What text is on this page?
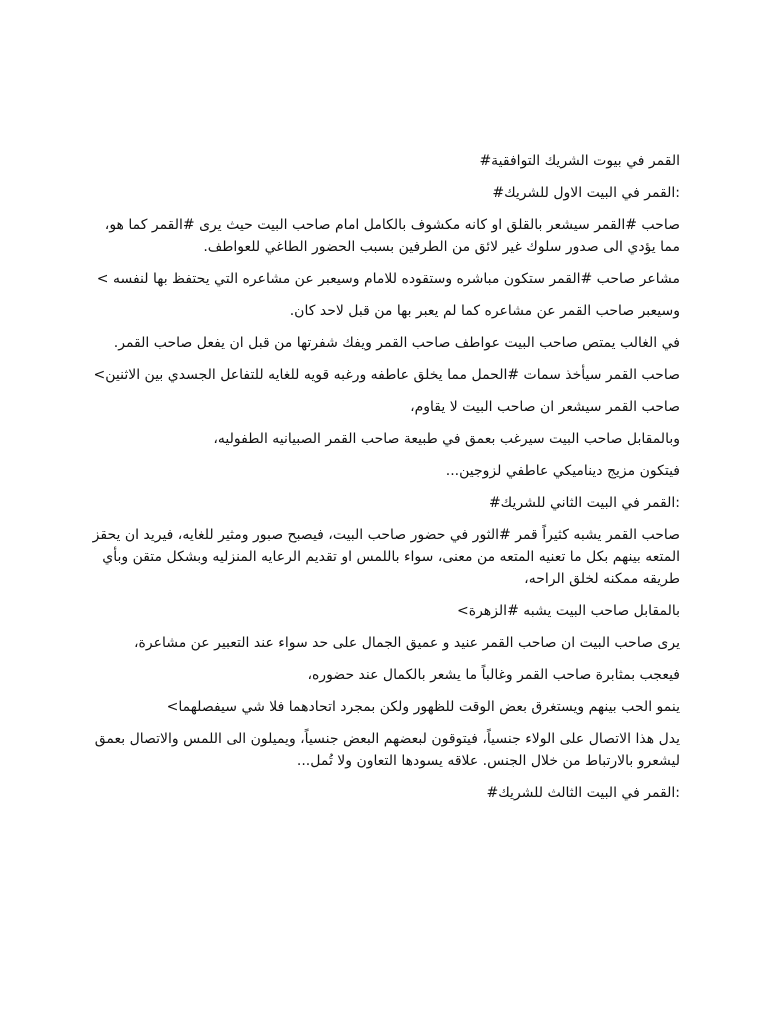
القمر في بيوت الشريك التوافقية#

:القمر في البيت الاول للشريك#

صاحب #القمر سيشعر بالقلق او كانه مكشوف بالكامل امام صاحب البيت حيث يرى #القمر كما هو، مما يؤدي الى صدور سلوك غير لائق من الطرفين بسبب الحضور الطاغي للعواطف.

مشاعر صاحب #القمر ستكون مباشره وستقوده للامام وسيعبر عن مشاعره التي يحتفظ بها لنفسه >

وسيعبر صاحب القمر عن مشاعره كما لم يعبر بها من قبل لاحد كان.

في الغالب يمتص صاحب البيت عواطف صاحب القمر ويفك شفرتها من قبل ان يفعل صاحب القمر.

صاحب القمر سيأخذ سمات #الحمل مما يخلق عاطفه ورغبه قويه للغايه للتفاعل الجسدي بين الاثنين>

صاحب القمر سيشعر ان صاحب البيت لا يقاوم،

وبالمقابل صاحب البيت سيرغب بعمق في طبيعة صاحب القمر الصبيانيه الطفوليه،

فيتكون مزيج ديناميكي عاطفي لزوجين...

:القمر في البيت الثاني للشريك#

صاحب القمر يشبه كثيراً قمر #الثور في حضور صاحب البيت، فيصبح صبور ومثير للغايه، فيريد ان يحقز المتعه بينهم بكل ما تعنيه المتعه من معنى، سواء باللمس او تقديم الرعايه المنزليه وبشكل متقن وبأي طريقه ممكنه لخلق الراحه،

بالمقابل صاحب البيت يشبه #الزهرة>

يرى صاحب البيت ان صاحب القمر عنيد و عميق الجمال على حد سواء عند التعبير عن مشاعرة،

فيعجب بمثابرة صاحب القمر وغالباً ما يشعر بالكمال عند حضوره،

ينمو الحب بينهم ويستغرق بعض الوقت للظهور ولكن بمجرد اتحادهما فلا شي سيفصلهما>

يدل هذا الاتصال على الولاء جنسياً، فيتوقون لبعضهم البعض جنسياً، ويميلون الى اللمس والاتصال بعمق ليشعرو بالارتباط من خلال الجنس. علاقه يسودها التعاون ولا تُمل...

:القمر في البيت الثالث للشريك#
